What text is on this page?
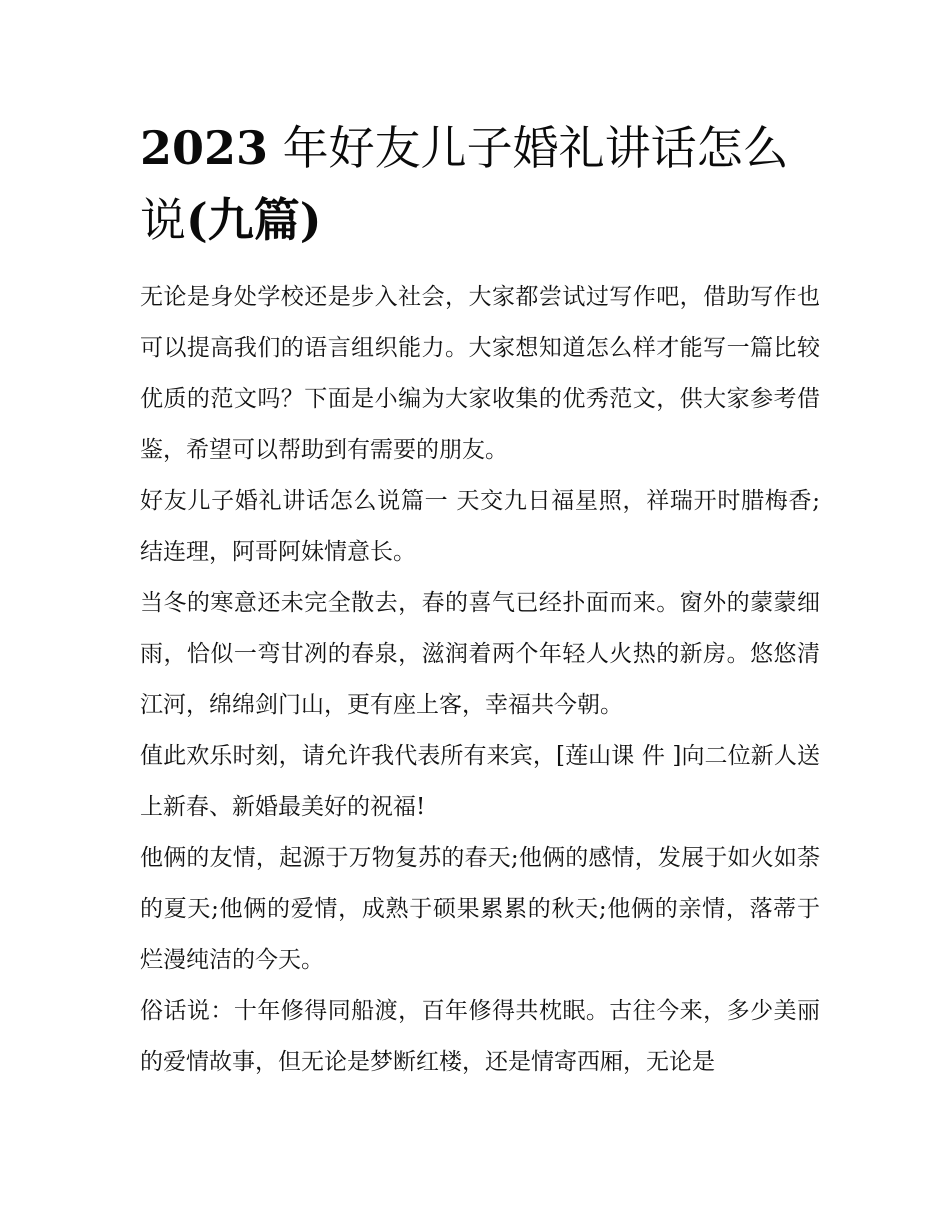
2023 年好友儿子婚礼讲话怎么说(九篇)

无论是身处学校还是步入社会，大家都尝试过写作吧，借助写作也可以提高我们的语言组织能力。大家想知道怎么样才能写一篇比较优质的范文吗？下面是小编为大家收集的优秀范文，供大家参考借鉴，希望可以帮助到有需要的朋友。

好友儿子婚礼讲话怎么说篇一 天交九日福星照，祥瑞开时腊梅香; 结连理，阿哥阿妹情意长。

当冬的寒意还未完全散去，春的喜气已经扑面而来。窗外的蒙蒙细雨，恰似一弯甘冽的春泉，滋润着两个年轻人火热的新房。悠悠清江河，绵绵剑门山，更有座上客，幸福共今朝。

值此欢乐时刻，请允许我代表所有来宾，[莲山课 件 ]向二位新人送上新春、新婚最美好的祝福!

他俩的友情，起源于万物复苏的春天;他俩的感情，发展于如火如荼的夏天;他俩的爱情，成熟于硕果累累的秋天;他俩的亲情，落蒂于烂漫纯洁的今天。

俗话说：十年修得同船渡，百年修得共枕眠。古往今来，多少美丽的爱情故事，但无论是梦断红楼，还是情寄西厢，无论是
